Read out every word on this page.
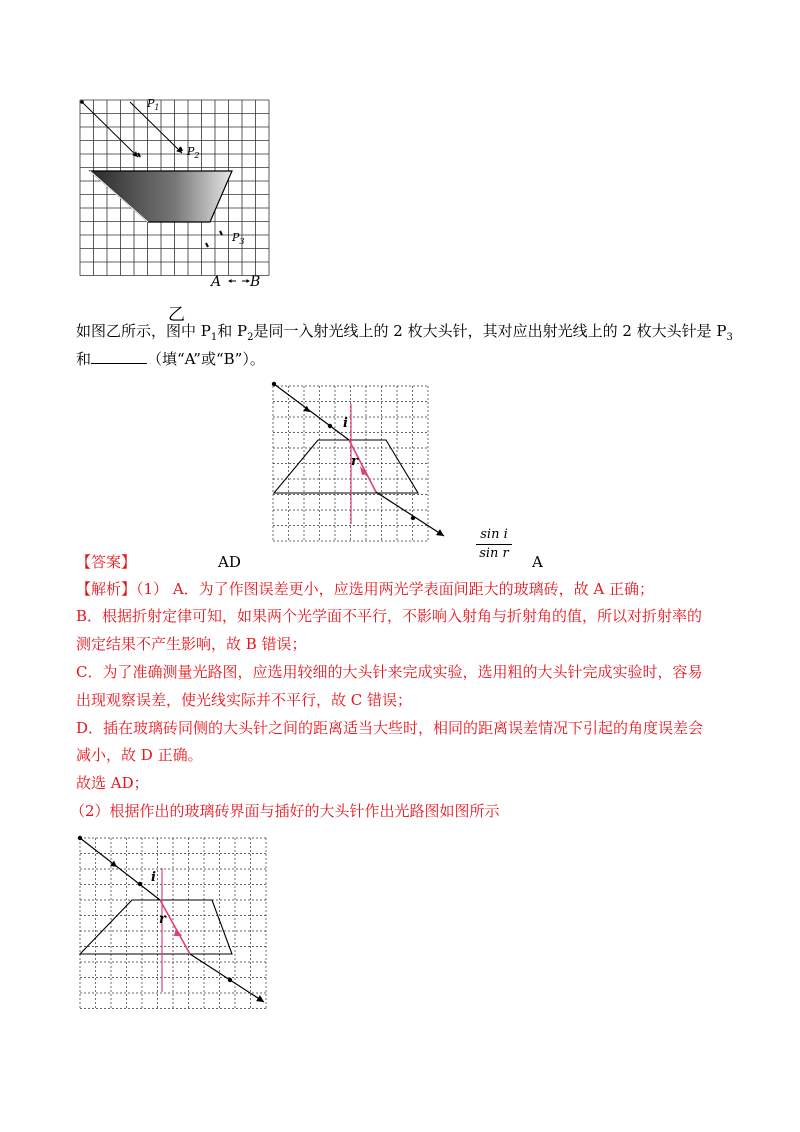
$P_1$
$P_2$
$P_3$
A B
乙
如图乙所示，图中 $P_1$和 $P_2$是同一入射光线上的 2 枚大头针，其对应出射光线上的 2 枚大头针是 $P_3$
和	（填“A”或“B”）。
i
r
【答案】	AD
sin i
sin r	A
【解析】（1） A．为了作图误差更小，应选用两光学表面间距大的玻璃砖，故 A 正确；
B．根据折射定律可知，如果两个光学面不平行，不影响入射角与折射角的值，所以对折射率的
测定结果不产生影响，故 B 错误；
C．为了准确测量光路图，应选用较细的大头针来完成实验，选用粗的大头针完成实验时，容易
出现观察误差，使光线实际并不平行，故 C 错误；
D．插在玻璃砖同侧的大头针之间的距离适当大些时，相同的距离误差情况下引起的角度误差会
减小，故 D 正确。
故选 AD；
（2）根据作出的玻璃砖界面与插好的大头针作出光路图如图所示
i
r
